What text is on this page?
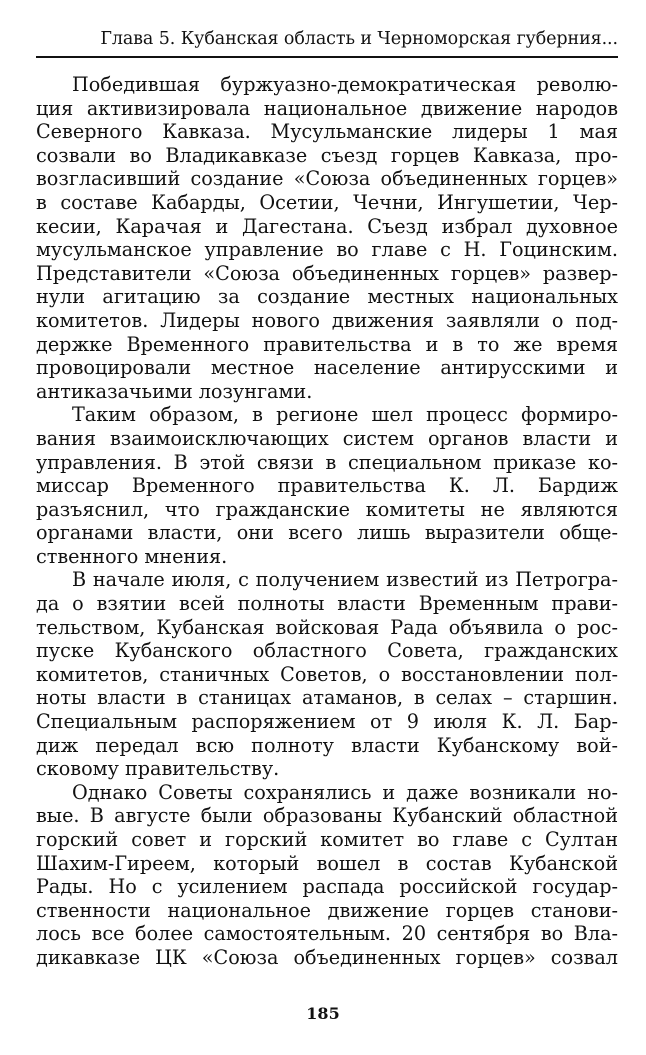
Глава 5. Кубанская область и Черноморская губерния...

Победившая буржуазно-демократическая револю-
ция активизировала национальное движение народов
Северного Кавказа. Мусульманские лидеры 1 мая
созвали во Владикавказе съезд горцев Кавказа, про-
возгласивший создание «Союза объединенных горцев»
в составе Кабарды, Осетии, Чечни, Ингушетии, Чер-
кесии, Карачая и Дагестана. Съезд избрал духовное
мусульманское управление во главе с Н. Гоцинским.
Представители «Союза объединенных горцев» развер-
нули агитацию за создание местных национальных
комитетов. Лидеры нового движения заявляли о под-
держке Временного правительства и в то же время
провоцировали местное население антирусскими и
антиказачьими лозунгами.

Таким образом, в регионе шел процесс формиро-
вания взаимоисключающих систем органов власти и
управления. В этой связи в специальном приказе ко-
миссар Временного правительства К. Л. Бардиж
разъяснил, что гражданские комитеты не являются
органами власти, они всего лишь выразители обще-
ственного мнения.

В начале июля, с получением известий из Петрогра-
да о взятии всей полноты власти Временным прави-
тельством, Кубанская войсковая Рада объявила о рос-
пуске Кубанского областного Совета, гражданских
комитетов, станичных Советов, о восстановлении пол-
ноты власти в станицах атаманов, в селах – старшин.
Специальным распоряжением от 9 июля К. Л. Бар-
диж передал всю полноту власти Кубанскому вой-
сковому правительству.

Однако Советы сохранялись и даже возникали но-
вые. В августе были образованы Кубанский областной
горский совет и горский комитет во главе с Султан
Шахим-Гиреем, который вошел в состав Кубанской
Рады. Но с усилением распада российской государ-
ственности национальное движение горцев станови-
лось все более самостоятельным. 20 сентября во Вла-
дикавказе ЦК «Союза объединенных горцев» созвал

185
